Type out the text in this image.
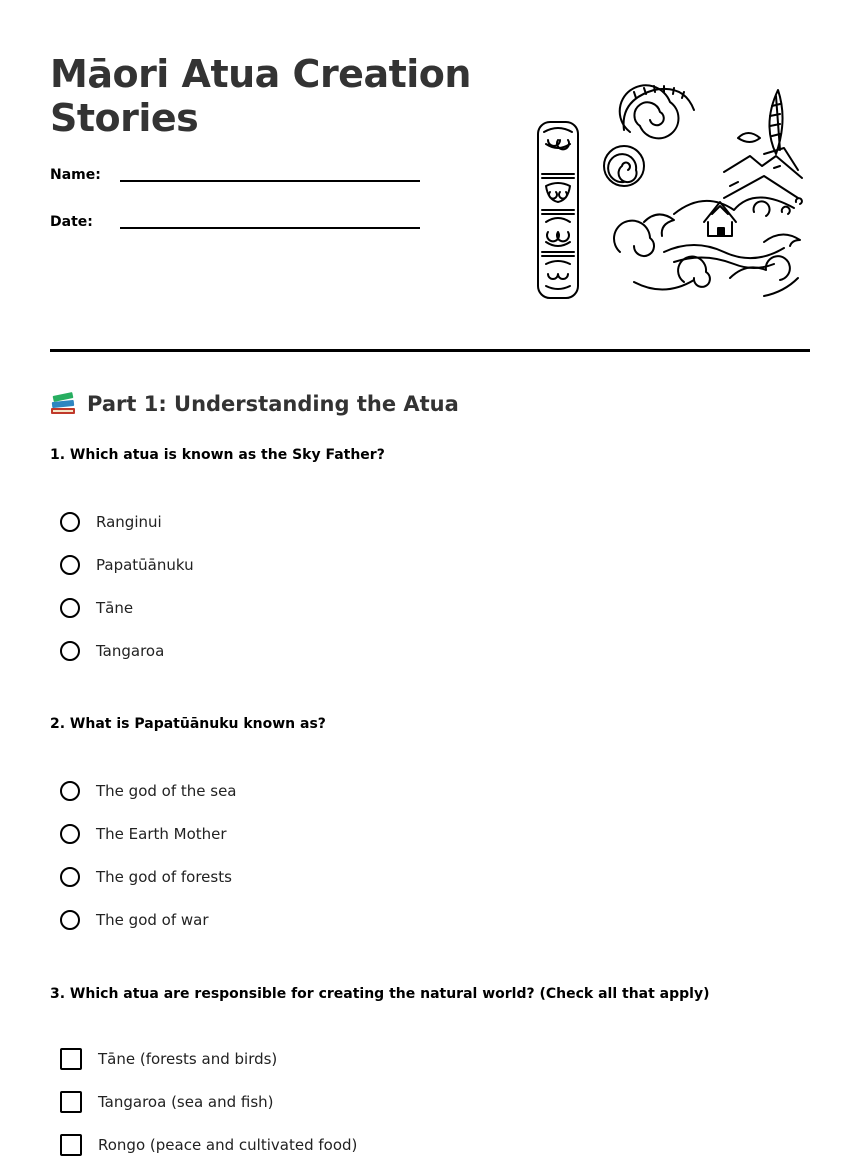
Māori Atua Creation Stories
Name:
Date:
Part 1: Understanding the Atua

1. Which atua is known as the Sky Father?

Ranginui
Papatūānuku
Tāne
Tangaroa

2. What is Papatūānuku known as?

The god of the sea
The Earth Mother
The god of forests
The god of war

3. Which atua are responsible for creating the natural world? (Check all that apply)

Tāne (forests and birds)
Tangaroa (sea and fish)
Rongo (peace and cultivated food)
